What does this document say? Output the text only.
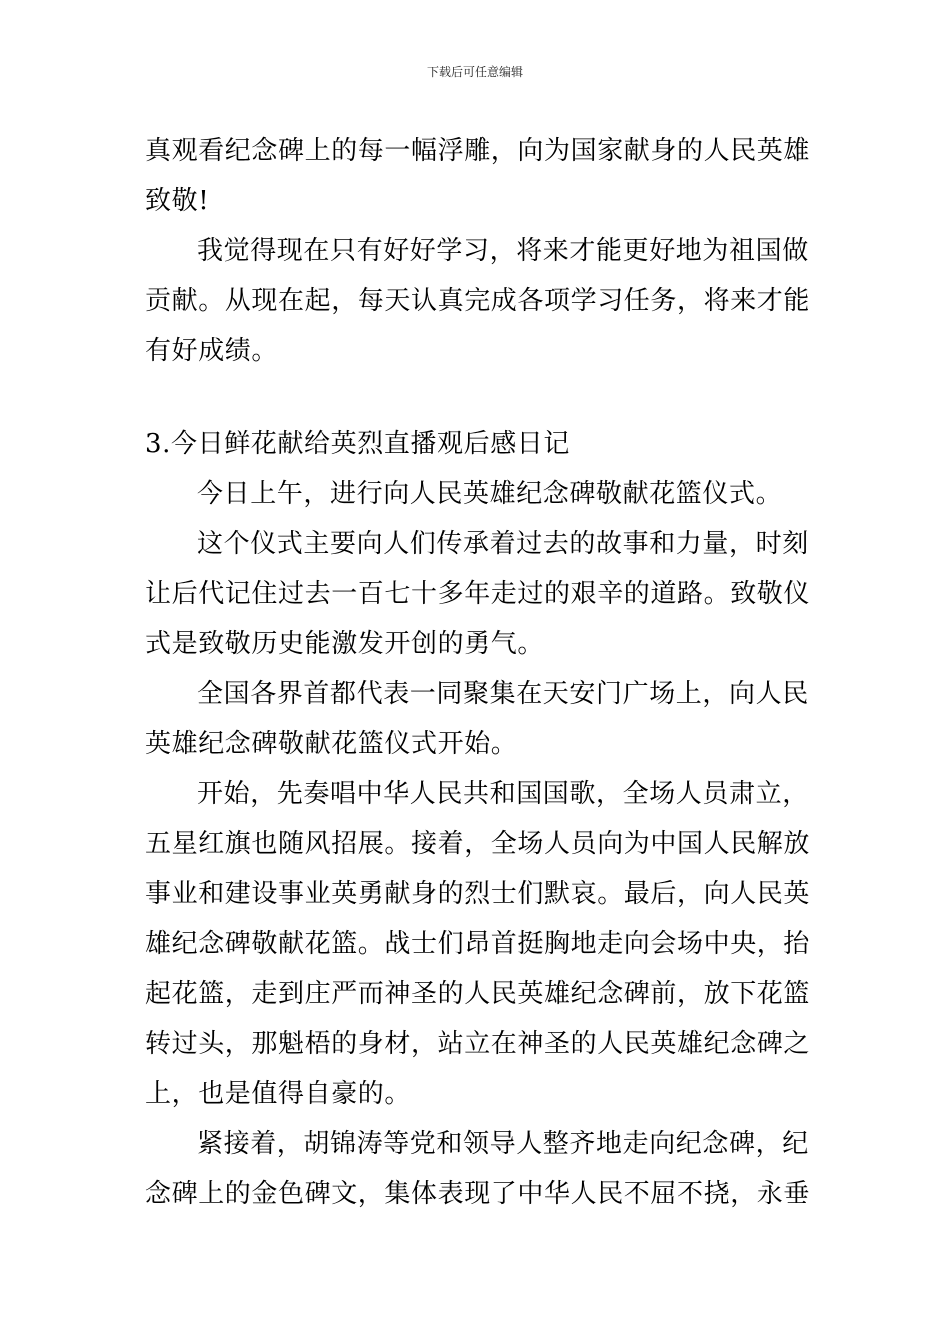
下载后可任意编辑
真观看纪念碑上的每一幅浮雕，向为国家献身的人民英雄
致敬!
我觉得现在只有好好学习，将来才能更好地为祖国做
贡献。从现在起，每天认真完成各项学习任务，将来才能
有好成绩。
3.今日鲜花献给英烈直播观后感日记
今日上午，进行向人民英雄纪念碑敬献花篮仪式。
这个仪式主要向人们传承着过去的故事和力量，时刻
让后代记住过去一百七十多年走过的艰辛的道路。致敬仪
式是致敬历史能激发开创的勇气。
全国各界首都代表一同聚集在天安门广场上，向人民
英雄纪念碑敬献花篮仪式开始。
开始，先奏唱中华人民共和国国歌，全场人员肃立，
五星红旗也随风招展。接着，全场人员向为中国人民解放
事业和建设事业英勇献身的烈士们默哀。最后，向人民英
雄纪念碑敬献花篮。战士们昂首挺胸地走向会场中央，抬
起花篮，走到庄严而神圣的人民英雄纪念碑前，放下花篮
转过头，那魁梧的身材，站立在神圣的人民英雄纪念碑之
上，也是值得自豪的。
紧接着，胡锦涛等党和领导人整齐地走向纪念碑，纪
念碑上的金色碑文，集体表现了中华人民不屈不挠，永垂
